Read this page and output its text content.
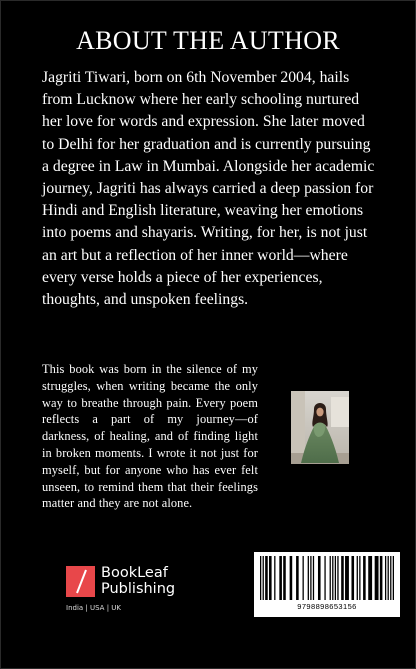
ABOUT THE AUTHOR

Jagriti Tiwari, born on 6th November 2004, hails from Lucknow where her early schooling nurtured her love for words and expression. She later moved to Delhi for her graduation and is currently pursuing a degree in Law in Mumbai. Alongside her academic journey, Jagriti has always carried a deep passion for Hindi and English literature, weaving her emotions into poems and shayaris. Writing, for her, is not just an art but a reflection of her inner world—where every verse holds a piece of her experiences, thoughts, and unspoken feelings.

This book was born in the silence of my struggles, when writing became the only way to breathe through pain. Every poem reflects a part of my journey—of darkness, of healing, and of finding light in broken moments. I wrote it not just for myself, but for anyone who has ever felt unseen, to remind them that their feelings matter and they are not alone.

BookLeaf
Publishing
India | USA | UK	9798898653156
